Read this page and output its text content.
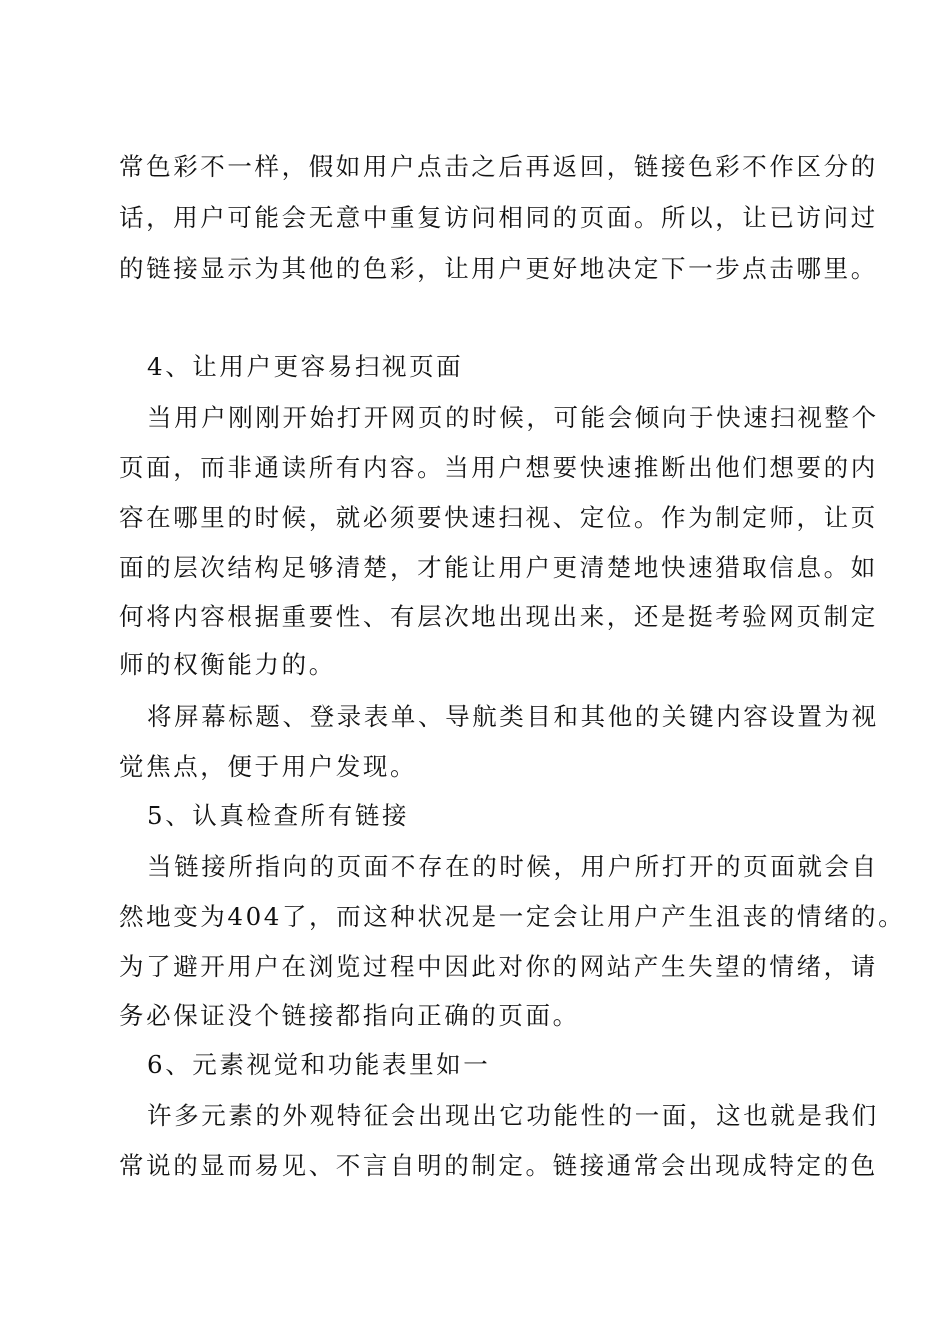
常色彩不一样，假如用户点击之后再返回，链接色彩不作区分的

话，用户可能会无意中重复访问相同的页面。所以，让已访问过

的链接显示为其他的色彩，让用户更好地决定下一步点击哪里。

4、让用户更容易扫视页面

当用户刚刚开始打开网页的时候，可能会倾向于快速扫视整个

页面，而非通读所有内容。当用户想要快速推断出他们想要的内

容在哪里的时候，就必须要快速扫视、定位。作为制定师，让页

面的层次结构足够清楚，才能让用户更清楚地快速猎取信息。如

何将内容根据重要性、有层次地出现出来，还是挺考验网页制定

师的权衡能力的。

将屏幕标题、登录表单、导航类目和其他的关键内容设置为视

觉焦点，便于用户发现。

5、认真检查所有链接

当链接所指向的页面不存在的时候，用户所打开的页面就会自

然地变为404了，而这种状况是一定会让用户产生沮丧的情绪的。

为了避开用户在浏览过程中因此对你的网站产生失望的情绪，请

务必保证没个链接都指向正确的页面。

6、元素视觉和功能表里如一

许多元素的外观特征会出现出它功能性的一面，这也就是我们

常说的显而易见、不言自明的制定。链接通常会出现成特定的色
